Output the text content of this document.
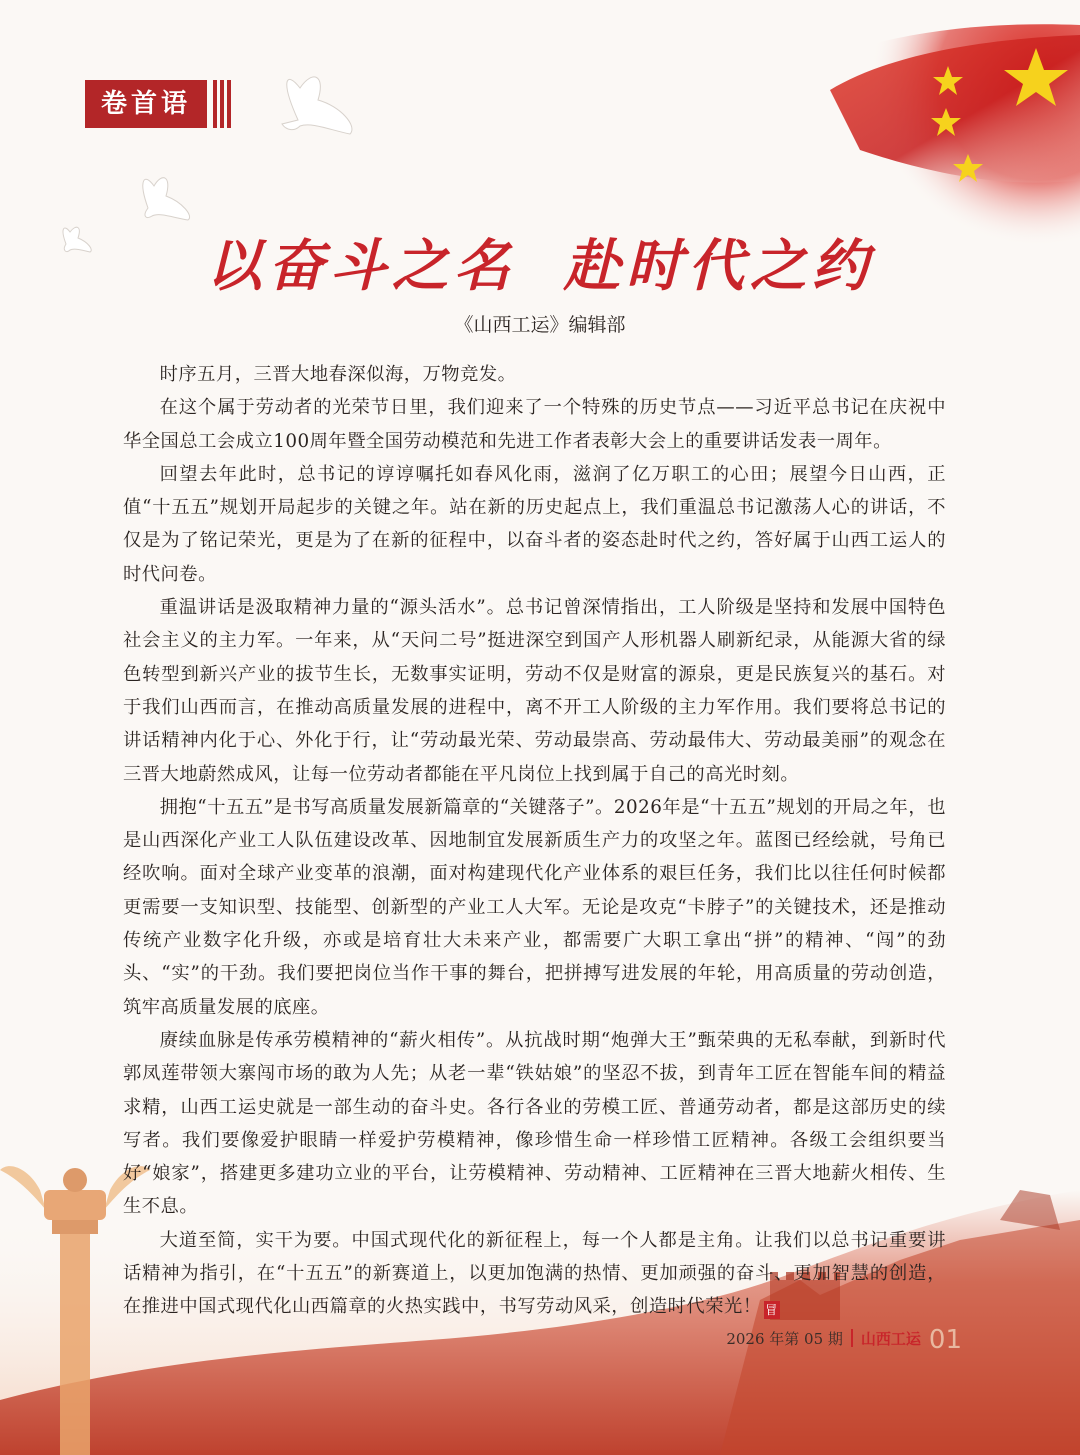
卷首语
以奋斗之名 赴时代之约
《山西工运》编辑部

时序五月，三晋大地春深似海，万物竞发。

在这个属于劳动者的光荣节日里，我们迎来了一个特殊的历史节点——习近平总书记在庆祝中华全国总工会成立100周年暨全国劳动模范和先进工作者表彰大会上的重要讲话发表一周年。

回望去年此时，总书记的谆谆嘱托如春风化雨，滋润了亿万职工的心田；展望今日山西，正值“十五五”规划开局起步的关键之年。站在新的历史起点上，我们重温总书记激荡人心的讲话，不仅是为了铭记荣光，更是为了在新的征程中，以奋斗者的姿态赴时代之约，答好属于山西工运人的时代问卷。

重温讲话是汲取精神力量的“源头活水”。总书记曾深情指出，工人阶级是坚持和发展中国特色社会主义的主力军。一年来，从“天问二号”挺进深空到国产人形机器人刷新纪录，从能源大省的绿色转型到新兴产业的拔节生长，无数事实证明，劳动不仅是财富的源泉，更是民族复兴的基石。对于我们山西而言，在推动高质量发展的进程中，离不开工人阶级的主力军作用。我们要将总书记的讲话精神内化于心、外化于行，让“劳动最光荣、劳动最崇高、劳动最伟大、劳动最美丽”的观念在三晋大地蔚然成风，让每一位劳动者都能在平凡岗位上找到属于自己的高光时刻。

拥抱“十五五”是书写高质量发展新篇章的“关键落子”。2026年是“十五五”规划的开局之年，也是山西深化产业工人队伍建设改革、因地制宜发展新质生产力的攻坚之年。蓝图已经绘就，号角已经吹响。面对全球产业变革的浪潮，面对构建现代化产业体系的艰巨任务，我们比以往任何时候都更需要一支知识型、技能型、创新型的产业工人大军。无论是攻克“卡脖子”的关键技术，还是推动传统产业数字化升级，亦或是培育壮大未来产业，都需要广大职工拿出“拼”的精神、“闯”的劲头、“实”的干劲。我们要把岗位当作干事的舞台，把拼搏写进发展的年轮，用高质量的劳动创造，筑牢高质量发展的底座。

赓续血脉是传承劳模精神的“薪火相传”。从抗战时期“炮弹大王”甄荣典的无私奉献，到新时代郭凤莲带领大寨闯市场的敢为人先；从老一辈“铁姑娘”的坚忍不拔，到青年工匠在智能车间的精益求精，山西工运史就是一部生动的奋斗史。各行各业的劳模工匠、普通劳动者，都是这部历史的续写者。我们要像爱护眼睛一样爱护劳模精神，像珍惜生命一样珍惜工匠精神。各级工会组织要当好“娘家”，搭建更多建功立业的平台，让劳模精神、劳动精神、工匠精神在三晋大地薪火相传、生生不息。

大道至简，实干为要。中国式现代化的新征程上，每一个人都是主角。让我们以总书记重要讲话精神为指引，在“十五五”的新赛道上，以更加饱满的热情、更加顽强的奋斗、更加智慧的创造，在推进中国式现代化山西篇章的火热实践中，书写劳动风采，创造时代荣光！ 冒

2026 年第 05 期 山西工运 01
